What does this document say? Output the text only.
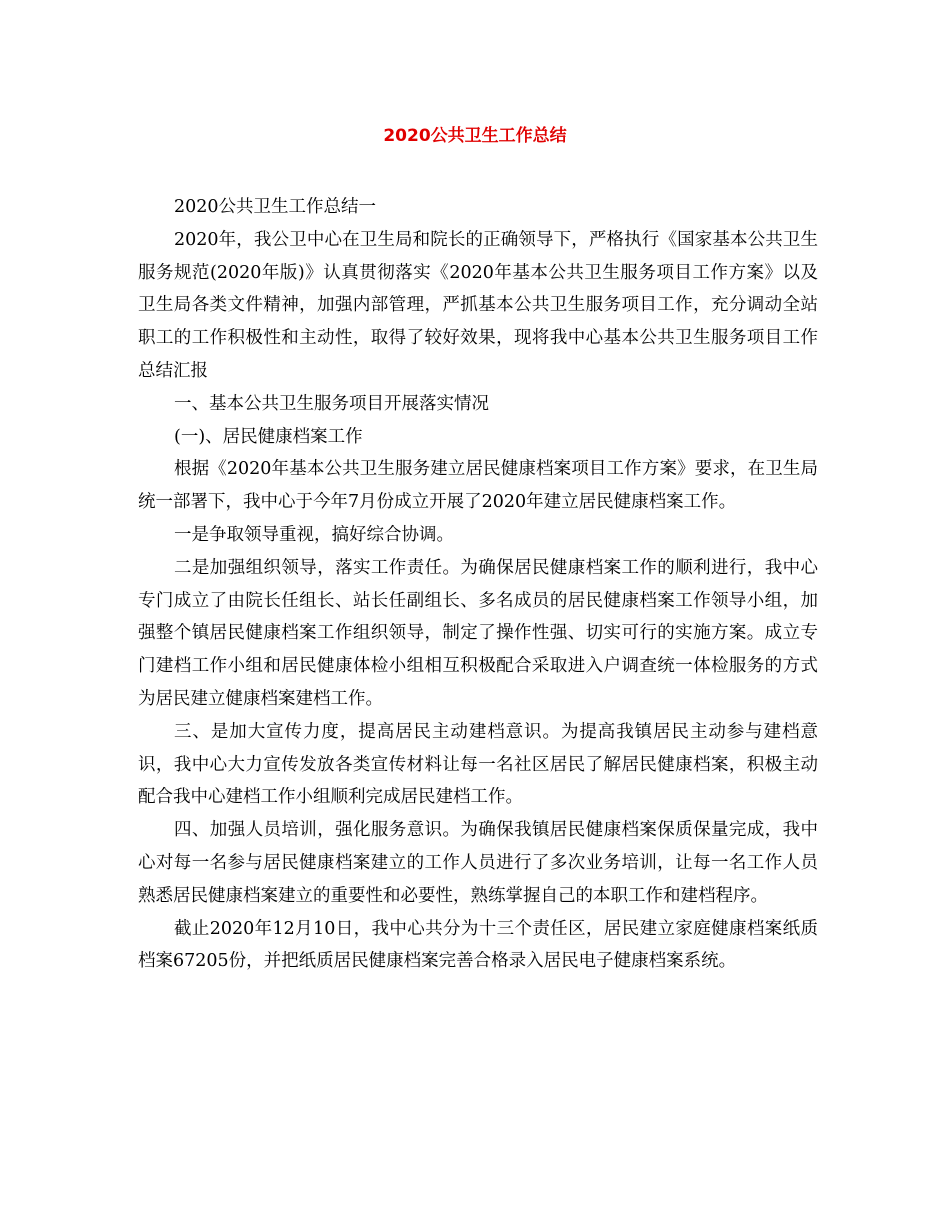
2020公共卫生工作总结

2020公共卫生工作总结一

2020年，我公卫中心在卫生局和院长的正确领导下，严格执行《国家基本公共卫生服务规范(2020年版)》认真贯彻落实《2020年基本公共卫生服务项目工作方案》以及卫生局各类文件精神，加强内部管理，严抓基本公共卫生服务项目工作，充分调动全站职工的工作积极性和主动性，取得了较好效果，现将我中心基本公共卫生服务项目工作总结汇报

一、基本公共卫生服务项目开展落实情况

(一)、居民健康档案工作

根据《2020年基本公共卫生服务建立居民健康档案项目工作方案》要求，在卫生局统一部署下，我中心于今年7月份成立开展了2020年建立居民健康档案工作。

一是争取领导重视，搞好综合协调。

二是加强组织领导，落实工作责任。为确保居民健康档案工作的顺利进行，我中心专门成立了由院长任组长、站长任副组长、多名成员的居民健康档案工作领导小组，加强整个镇居民健康档案工作组织领导，制定了操作性强、切实可行的实施方案。成立专门建档工作小组和居民健康体检小组相互积极配合采取进入户调查统一体检服务的方式为居民建立健康档案建档工作。

三、是加大宣传力度，提高居民主动建档意识。为提高我镇居民主动参与建档意识，我中心大力宣传发放各类宣传材料让每一名社区居民了解居民健康档案，积极主动配合我中心建档工作小组顺利完成居民建档工作。

四、加强人员培训，强化服务意识。为确保我镇居民健康档案保质保量完成，我中心对每一名参与居民健康档案建立的工作人员进行了多次业务培训，让每一名工作人员熟悉居民健康档案建立的重要性和必要性，熟练掌握自己的本职工作和建档程序。

截止2020年12月10日，我中心共分为十三个责任区，居民建立家庭健康档案纸质档案67205份，并把纸质居民健康档案完善合格录入居民电子健康档案系统。
